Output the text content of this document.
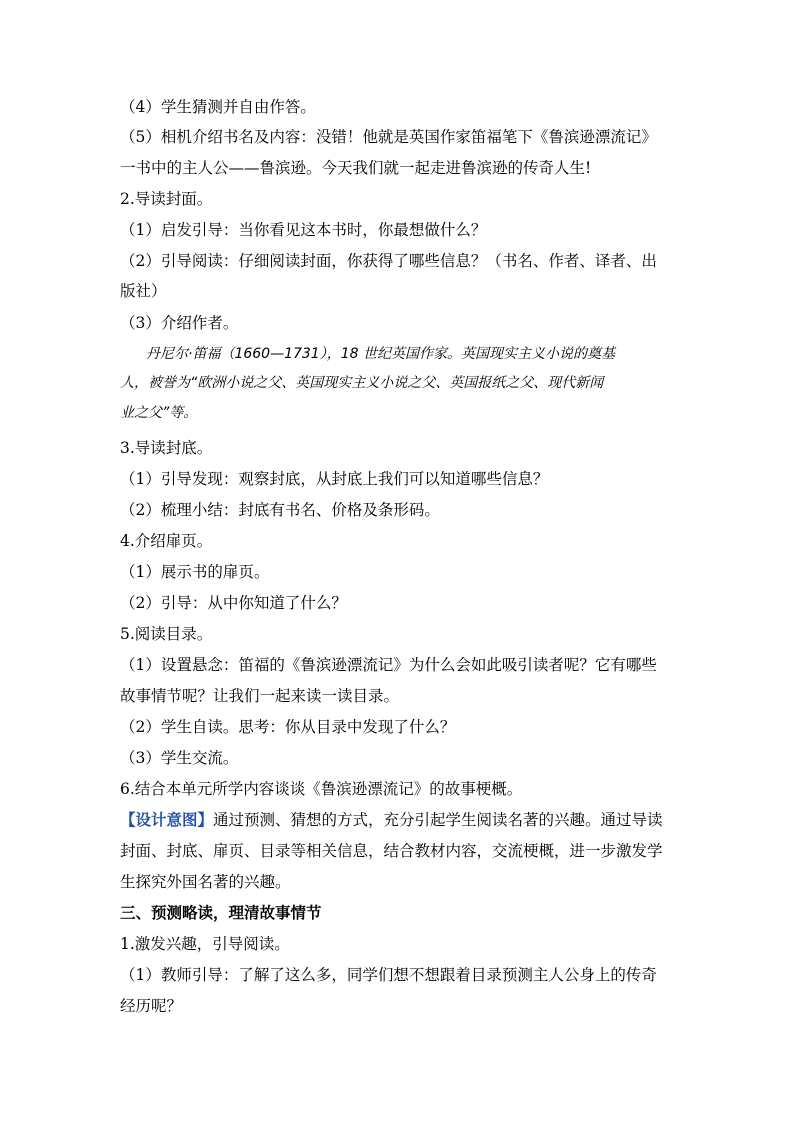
（4）学生猜测并自由作答。
（5）相机介绍书名及内容：没错！他就是英国作家笛福笔下《鲁滨逊漂流记》
一书中的主人公——鲁滨逊。今天我们就一起走进鲁滨逊的传奇人生!
2.导读封面。
（1）启发引导：当你看见这本书时，你最想做什么？
（2）引导阅读：仔细阅读封面，你获得了哪些信息？（书名、作者、译者、出
版社）
（3）介绍作者。
丹尼尔·笛福（1660—1731），18 世纪英国作家。英国现实主义小说的奠基
人，被誉为“欧洲小说之父、英国现实主义小说之父、英国报纸之父、现代新闻
业之父”等。
3.导读封底。
（1）引导发现：观察封底，从封底上我们可以知道哪些信息？
（2）梳理小结：封底有书名、价格及条形码。
4.介绍扉页。
（1）展示书的扉页。
（2）引导：从中你知道了什么？
5.阅读目录。
（1）设置悬念：笛福的《鲁滨逊漂流记》为什么会如此吸引读者呢？它有哪些
故事情节呢？让我们一起来读一读目录。
（2）学生自读。思考：你从目录中发现了什么？
（3）学生交流。
6.结合本单元所学内容谈谈《鲁滨逊漂流记》的故事梗概。
【设计意图】通过预测、猜想的方式，充分引起学生阅读名著的兴趣。通过导读
封面、封底、扉页、目录等相关信息，结合教材内容，交流梗概，进一步激发学
生探究外国名著的兴趣。
三、预测略读，理清故事情节
1.激发兴趣，引导阅读。
（1）教师引导：了解了这么多，同学们想不想跟着目录预测主人公身上的传奇
经历呢？
